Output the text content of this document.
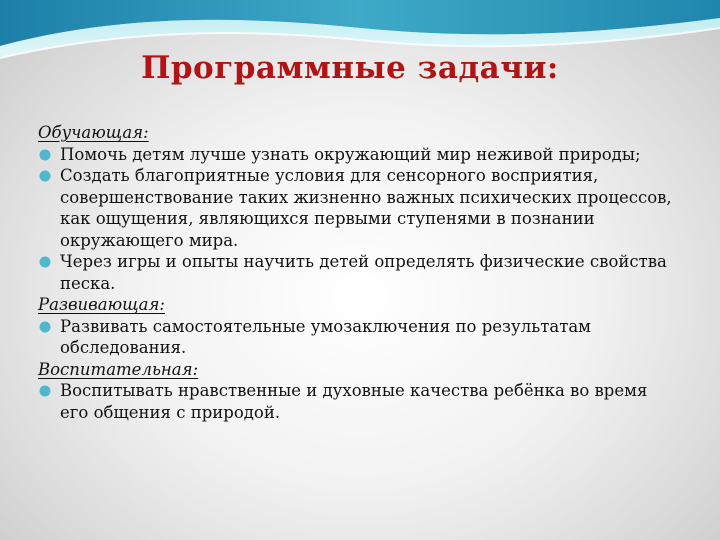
Программные задачи:

Обучающая:

Помочь детям лучше узнать окружающий мир неживой природы;
Создать благоприятные условия для сенсорного восприятия, совершенствование таких жизненно важных психических процессов, как ощущения, являющихся первыми ступенями в познании окружающего мира.
Через игры и опыты научить детей определять физические свойства песка.

Развивающая:

Развивать самостоятельные умозаключения по результатам обследования.

Воспитательная:

Воспитывать нравственные и духовные качества ребёнка во время его общения с природой.
